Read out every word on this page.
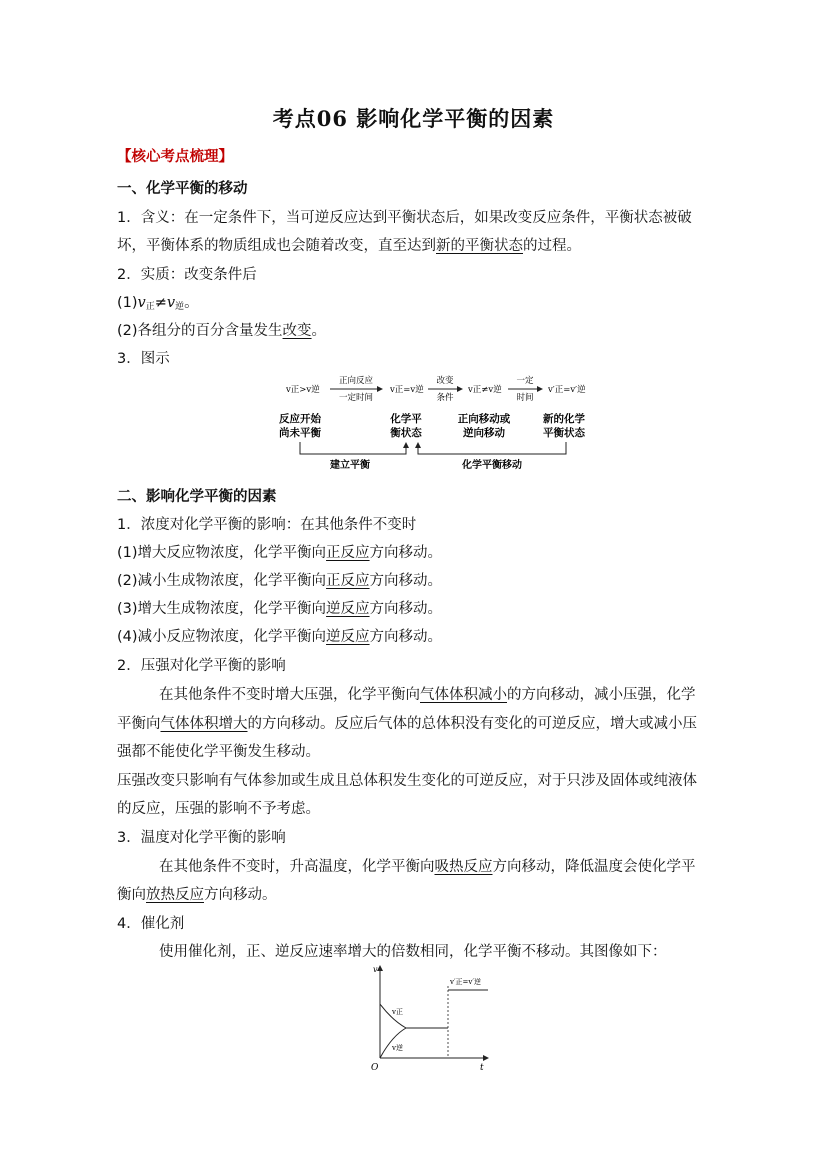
考点06 影响化学平衡的因素
【核心考点梳理】
一、化学平衡的移动
1．含义：在一定条件下，当可逆反应达到平衡状态后，如果改变反应条件，平衡状态被破
坏，平衡体系的物质组成也会随着改变，直至达到新的平衡状态的过程。
2．实质：改变条件后
$(1)v_正\ne v_逆$。
(2)各组分的百分含量发生改变。
3．图示
v正>v逆
正向反应
一定时间
v正=v逆
改变
条件
v正≠v逆
一定
时间
v′正=v′逆
反应开始
尚未平衡
化学平
衡状态
正向移动或
逆向移动
新的化学
平衡状态
建立平衡	化学平衡移动
二、影响化学平衡的因素
1．浓度对化学平衡的影响：在其他条件不变时
(1)增大反应物浓度，化学平衡向正反应方向移动。
(2)减小生成物浓度，化学平衡向正反应方向移动。
(3)增大生成物浓度，化学平衡向逆反应方向移动。
(4)减小反应物浓度，化学平衡向逆反应方向移动。
2．压强对化学平衡的影响
在其他条件不变时增大压强，化学平衡向气体体积减小的方向移动，减小压强，化学
平衡向气体体积增大的方向移动。反应后气体的总体积没有变化的可逆反应，增大或减小压
强都不能使化学平衡发生移动。
压强改变只影响有气体参加或生成且总体积发生变化的可逆反应，对于只涉及固体或纯液体
的反应，压强的影响不予考虑。
3．温度对化学平衡的影响
在其他条件不变时，升高温度，化学平衡向吸热反应方向移动，降低温度会使化学平
衡向放热反应方向移动。
4．催化剂
使用催化剂，正、逆反应速率增大的倍数相同，化学平衡不移动。其图像如下：
v
t
O
v正
v逆
v′正=v′逆
